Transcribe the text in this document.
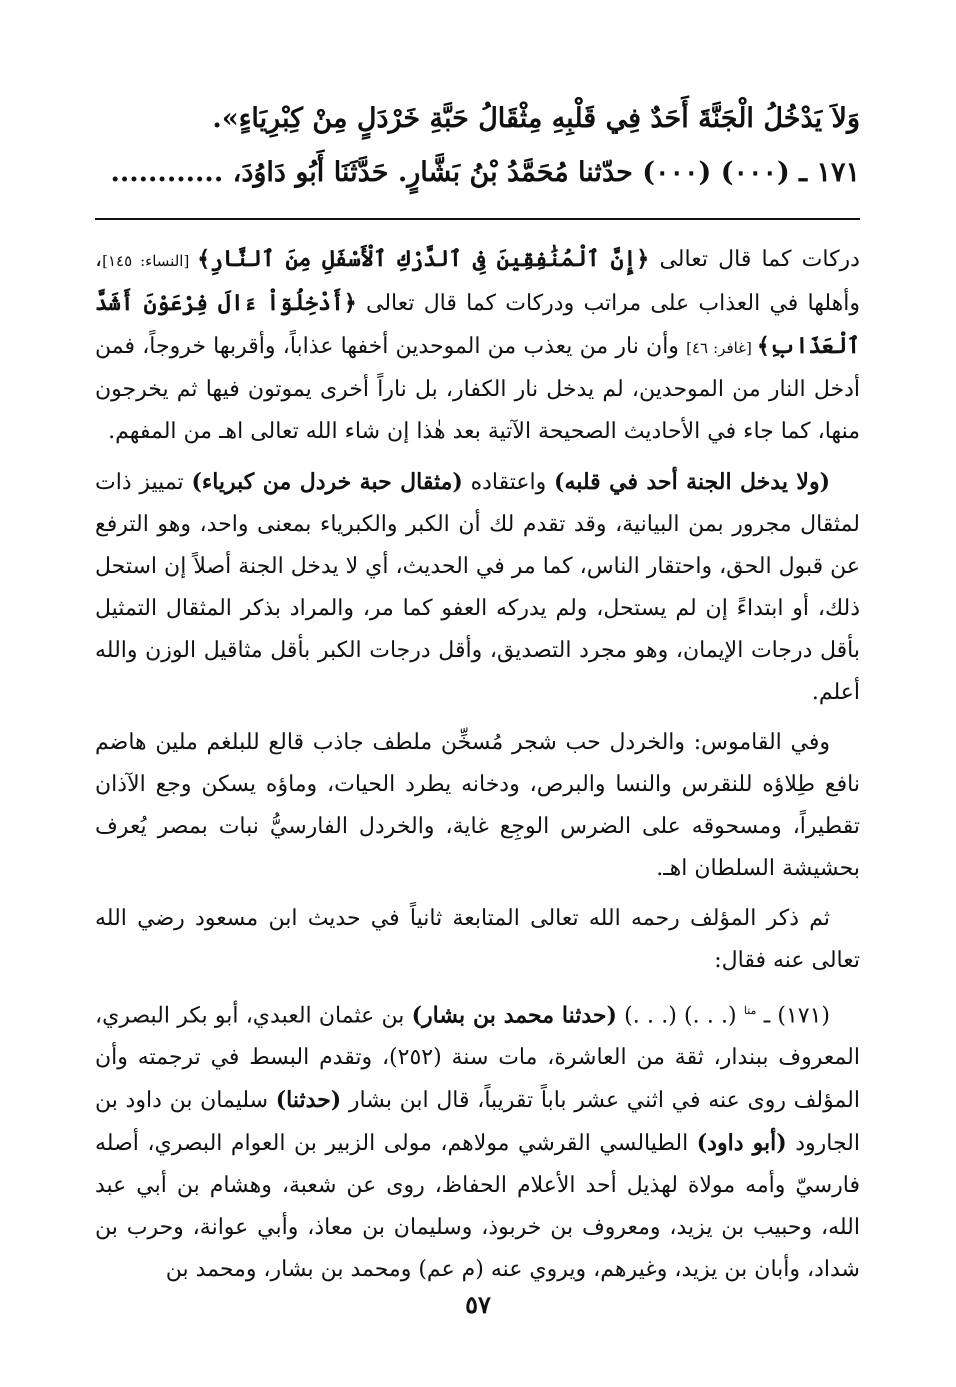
وَلاَ يَدْخُلُ الْجَنَّةَ أَحَدٌ فِي قَلْبِهِ مِثْقَالُ حَبَّةِ خَرْدَلٍ مِنْ كِبْرِيَاءٍ».
١٧١ ـ (٠٠٠) (٠٠٠) حدّثنا مُحَمَّدُ بْنُ بَشَّارٍ. حَدَّثَنَا أَبُو دَاوُدَ، ............

دركات كما قال تعالى ﴿إِنَّ ٱلْمُنَٰفِقِينَ فِى ٱلدَّرْكِ ٱلْأَسْفَلِ مِنَ ٱلنَّارِ﴾ [النساء: ١٤٥]، وأهلها في العذاب على مراتب ودركات كما قال تعالى ﴿أَدْخِلُوٓاْ ءَالَ فِرْعَوْنَ أَشَدَّ ٱلْعَذَابِ﴾ [غافر: ٤٦] وأن نار من يعذب من الموحدين أخفها عذاباً، وأقربها خروجاً، فمن أدخل النار من الموحدين، لم يدخل نار الكفار، بل ناراً أخرى يموتون فيها ثم يخرجون منها، كما جاء في الأحاديث الصحيحة الآتية بعد هٰذا إن شاء الله تعالى اهـ من المفهم.

(ولا يدخل الجنة أحد في قلبه) واعتقاده (مثقال حبة خردل من كبرياء) تمييز ذات لمثقال مجرور بمن البيانية، وقد تقدم لك أن الكبر والكبرياء بمعنى واحد، وهو الترفع عن قبول الحق، واحتقار الناس، كما مر في الحديث، أي لا يدخل الجنة أصلاً إن استحل ذلك، أو ابتداءً إن لم يستحل، ولم يدركه العفو كما مر، والمراد بذكر المثقال التمثيل بأقل درجات الإيمان، وهو مجرد التصديق، وأقل درجات الكبر بأقل مثاقيل الوزن والله أعلم.

وفي القاموس: والخردل حب شجر مُسخِّن ملطف جاذب قالع للبلغم ملين هاضم نافع طِلاؤه للنقرس والنسا والبرص، ودخانه يطرد الحيات، وماؤه يسكن وجع الآذان تقطيراً، ومسحوقه على الضرس الوجِع غاية، والخردل الفارسيُّ نبات بمصر يُعرف بحشيشة السلطان اهـ.

ثم ذكر المؤلف رحمه الله تعالى المتابعة ثانياً في حديث ابن مسعود رضي الله تعالى عنه فقال:

(١٧١) ـ $^{متا}$ (. . .) (. . .) (حدثنا محمد بن بشار) بن عثمان العبدي، أبو بكر البصري، المعروف ببندار، ثقة من العاشرة، مات سنة (٢٥٢)، وتقدم البسط في ترجمته وأن المؤلف روى عنه في اثني عشر باباً تقريباً، قال ابن بشار (حدثنا) سليمان بن داود بن الجارود (أبو داود) الطيالسي القرشي مولاهم، مولى الزبير بن العوام البصري، أصله فارسيّ وأمه مولاة لهذيل أحد الأعلام الحفاظ، روى عن شعبة، وهشام بن أبي عبد الله، وحبيب بن يزيد، ومعروف بن خربوذ، وسليمان بن معاذ، وأبي عوانة، وحرب بن شداد، وأبان بن يزيد، وغيرهم، ويروي عنه (م عم) ومحمد بن بشار، ومحمد بن

٥٧
